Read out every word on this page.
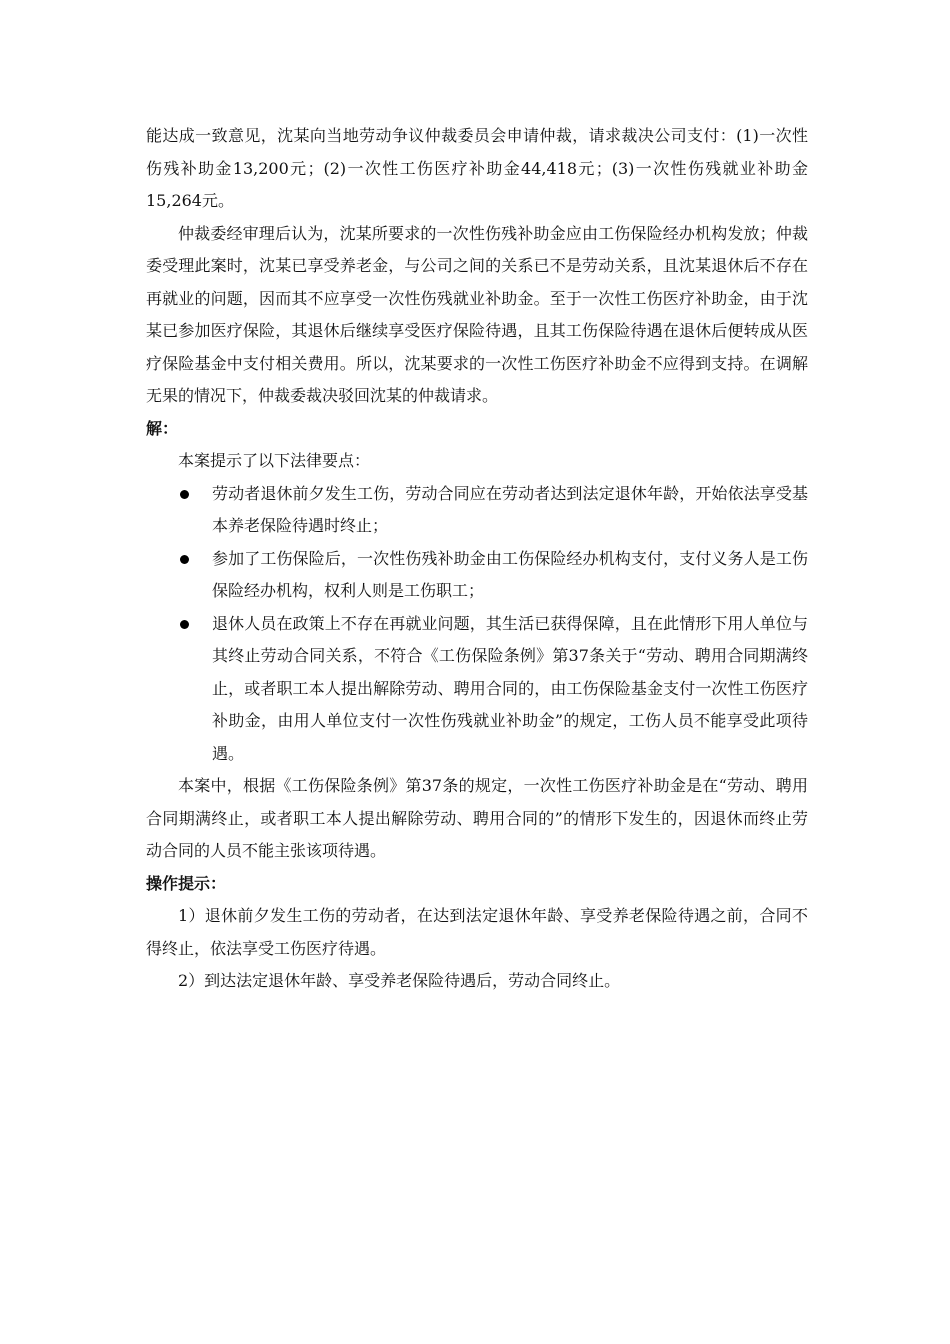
能达成一致意见，沈某向当地劳动争议仲裁委员会申请仲裁，请求裁决公司支付：(1)一次性伤残补助金13,200元；(2)一次性工伤医疗补助金44,418元；(3)一次性伤残就业补助金15,264元。

仲裁委经审理后认为，沈某所要求的一次性伤残补助金应由工伤保险经办机构发放；仲裁委受理此案时，沈某已享受养老金，与公司之间的关系已不是劳动关系，且沈某退休后不存在再就业的问题，因而其不应享受一次性伤残就业补助金。至于一次性工伤医疗补助金，由于沈某已参加医疗保险，其退休后继续享受医疗保险待遇，且其工伤保险待遇在退休后便转成从医疗保险基金中支付相关费用。所以，沈某要求的一次性工伤医疗补助金不应得到支持。在调解无果的情况下，仲裁委裁决驳回沈某的仲裁请求。

解：

本案提示了以下法律要点：

劳动者退休前夕发生工伤，劳动合同应在劳动者达到法定退休年龄，开始依法享受基本养老保险待遇时终止；
参加了工伤保险后，一次性伤残补助金由工伤保险经办机构支付，支付义务人是工伤保险经办机构，权利人则是工伤职工；
退休人员在政策上不存在再就业问题，其生活已获得保障，且在此情形下用人单位与其终止劳动合同关系，不符合《工伤保险条例》第37条关于“劳动、聘用合同期满终止，或者职工本人提出解除劳动、聘用合同的，由工伤保险基金支付一次性工伤医疗补助金，由用人单位支付一次性伤残就业补助金”的规定，工伤人员不能享受此项待遇。

本案中，根据《工伤保险条例》第37条的规定，一次性工伤医疗补助金是在“劳动、聘用合同期满终止，或者职工本人提出解除劳动、聘用合同的”的情形下发生的，因退休而终止劳动合同的人员不能主张该项待遇。

操作提示：

1）退休前夕发生工伤的劳动者，在达到法定退休年龄、享受养老保险待遇之前，合同不得终止，依法享受工伤医疗待遇。

2）到达法定退休年龄、享受养老保险待遇后，劳动合同终止。
